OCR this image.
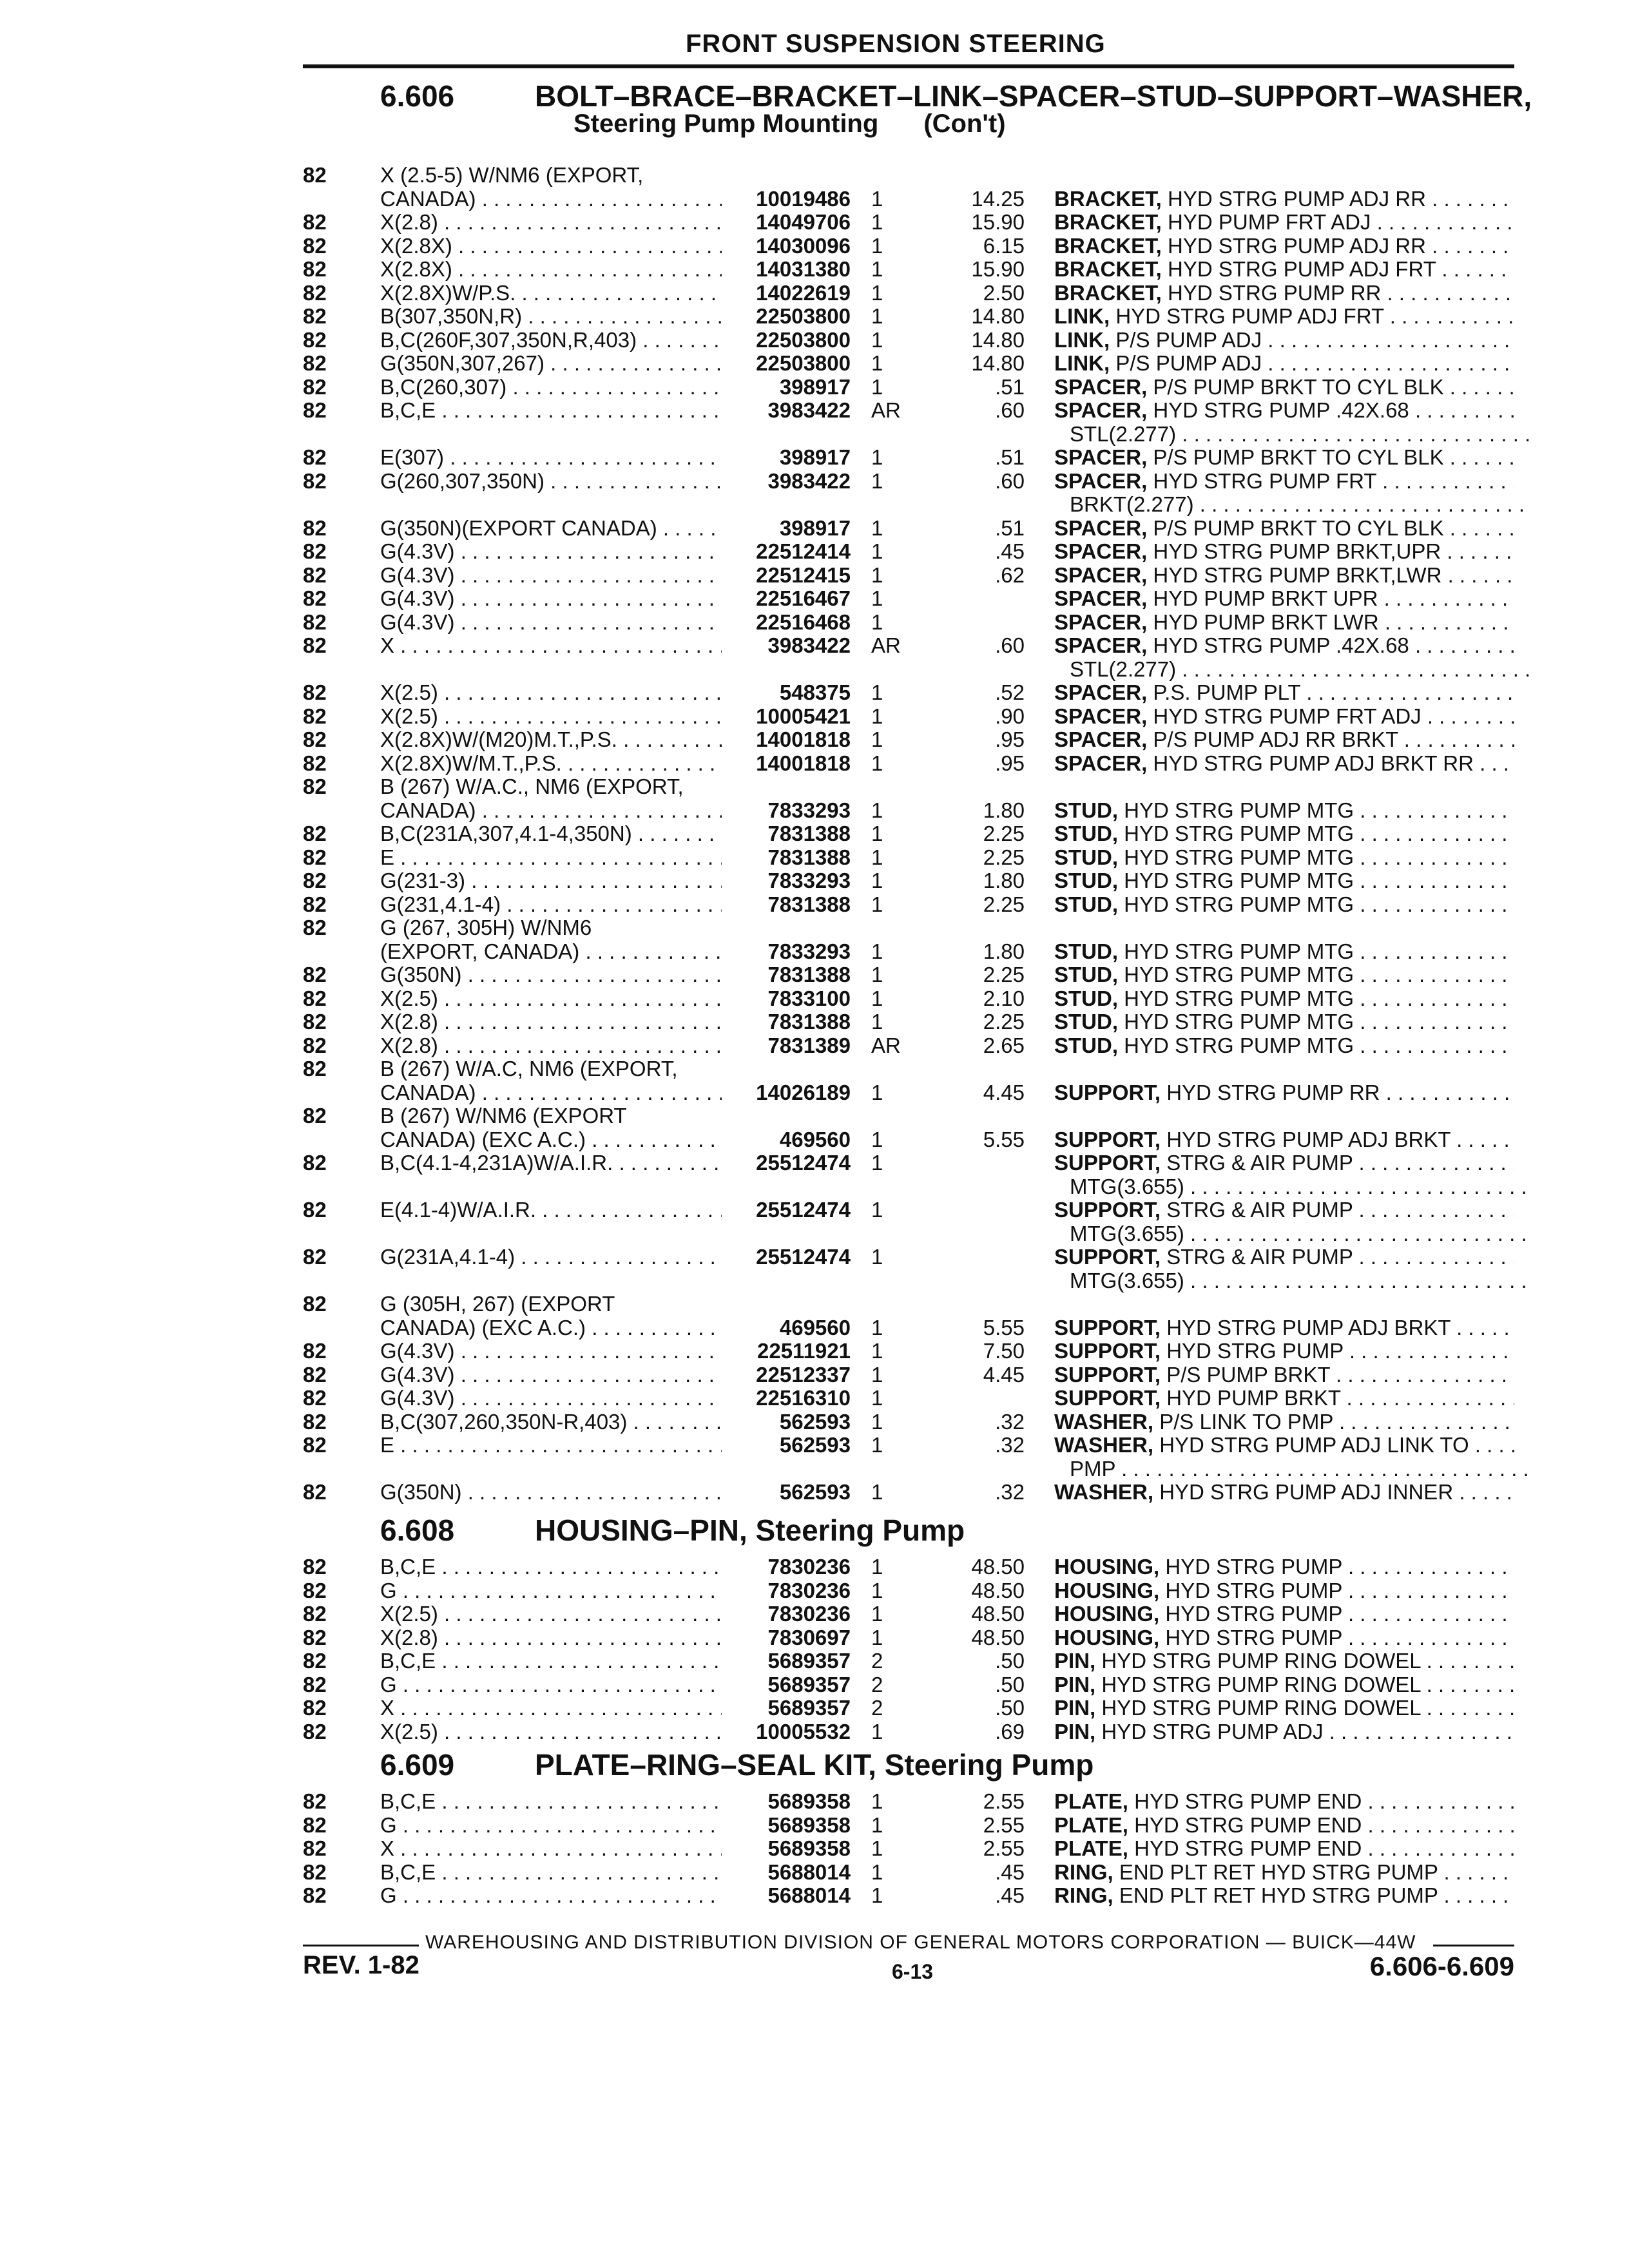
FRONT SUSPENSION STEERING
6.606	BOLT–BRACE–BRACKET–LINK–SPACER–STUD–SUPPORT–WASHER,
Steering Pump Mounting (Con't)
82	X (2.5-5) W/NM6 (EXPORT,
CANADA) . . .	10019486 1	14.25 BRACKET, HYD STRG PUMP ADJ RR . . .
82	X(2.8) . . .	14049706 1	15.90 BRACKET, HYD PUMP FRT ADJ . . .
82	X(2.8X) . . .	14030096 1	6.15 BRACKET, HYD STRG PUMP ADJ RR . . .
82	X(2.8X) . . .	14031380 1	15.90 BRACKET, HYD STRG PUMP ADJ FRT . . .
82	X(2.8X)W/P.S. . . .	14022619 1	2.50 BRACKET, HYD STRG PUMP RR . . .
82	B(307,350N,R) . . .	22503800 1	14.80 LINK, HYD STRG PUMP ADJ FRT . . .
82	B,C(260F,307,350N,R,403) . . .	22503800 1	14.80 LINK, P/S PUMP ADJ . . .
82	G(350N,307,267) . . .	22503800 1	14.80 LINK, P/S PUMP ADJ . . .
82	B,C(260,307) . . .	398917 1	.51 SPACER, P/S PUMP BRKT TO CYL BLK . . .
82	B,C,E . . .	3983422 AR	.60 SPACER, HYD STRG PUMP .42X.68 . . .
STL(2.277) . . .
82	E(307) . . .	398917 1	.51 SPACER, P/S PUMP BRKT TO CYL BLK . . .
82	G(260,307,350N) . . .	3983422 1	.60 SPACER, HYD STRG PUMP FRT . . .
BRKT(2.277) . . .
82	G(350N)(EXPORT CANADA) . . .	398917 1	.51 SPACER, P/S PUMP BRKT TO CYL BLK . . .
82	G(4.3V) . . .	22512414 1	.45 SPACER, HYD STRG PUMP BRKT,UPR . . .
82	G(4.3V) . . .	22512415 1	.62 SPACER, HYD STRG PUMP BRKT,LWR . . .
82	G(4.3V) . . .	22516467 1	SPACER, HYD PUMP BRKT UPR . . .
82	G(4.3V) . . .	22516468 1	SPACER, HYD PUMP BRKT LWR . . .
82	X . . .	3983422 AR	.60 SPACER, HYD STRG PUMP .42X.68 . . .
STL(2.277) . . .
82	X(2.5) . . .	548375 1	.52 SPACER, P.S. PUMP PLT . . .
82	X(2.5) . . .	10005421 1	.90 SPACER, HYD STRG PUMP FRT ADJ . . .
82	X(2.8X)W/(M20)M.T.,P.S. . . .	14001818 1	.95 SPACER, P/S PUMP ADJ RR BRKT . . .
82	X(2.8X)W/M.T.,P.S. . . .	14001818 1	.95 SPACER, HYD STRG PUMP ADJ BRKT RR . . .
82	B (267) W/A.C., NM6 (EXPORT,
CANADA) . . .	7833293 1	1.80 STUD, HYD STRG PUMP MTG . . .
82	B,C(231A,307,4.1-4,350N) . . .	7831388 1	2.25 STUD, HYD STRG PUMP MTG . . .
82	E . . .	7831388 1	2.25 STUD, HYD STRG PUMP MTG . . .
82	G(231-3) . . .	7833293 1	1.80 STUD, HYD STRG PUMP MTG . . .
82	G(231,4.1-4) . . .	7831388 1	2.25 STUD, HYD STRG PUMP MTG . . .
82	G (267, 305H) W/NM6
(EXPORT, CANADA) . . .	7833293 1	1.80 STUD, HYD STRG PUMP MTG . . .
82	G(350N) . . .	7831388 1	2.25 STUD, HYD STRG PUMP MTG . . .
82	X(2.5) . . .	7833100 1	2.10 STUD, HYD STRG PUMP MTG . . .
82	X(2.8) . . .	7831388 1	2.25 STUD, HYD STRG PUMP MTG . . .
82	X(2.8) . . .	7831389 AR	2.65 STUD, HYD STRG PUMP MTG . . .
82	B (267) W/A.C, NM6 (EXPORT,
CANADA) . . .	14026189 1	4.45 SUPPORT, HYD STRG PUMP RR . . .
82	B (267) W/NM6 (EXPORT
CANADA) (EXC A.C.) . . .	469560 1	5.55 SUPPORT, HYD STRG PUMP ADJ BRKT . . .
82	B,C(4.1-4,231A)W/A.I.R. . . .	25512474 1	SUPPORT, STRG & AIR PUMP . . .
MTG(3.655) . . .
82	E(4.1-4)W/A.I.R. . . .	25512474 1	SUPPORT, STRG & AIR PUMP . . .
MTG(3.655) . . .
82	G(231A,4.1-4) . . .	25512474 1	SUPPORT, STRG & AIR PUMP . . .
MTG(3.655) . . .
82	G (305H, 267) (EXPORT
CANADA) (EXC A.C.) . . .	469560 1	5.55 SUPPORT, HYD STRG PUMP ADJ BRKT . . .
82	G(4.3V) . . .	22511921 1	7.50 SUPPORT, HYD STRG PUMP . . .
82	G(4.3V) . . .	22512337 1	4.45 SUPPORT, P/S PUMP BRKT . . .
82	G(4.3V) . . .	22516310 1	SUPPORT, HYD PUMP BRKT . . .
82	B,C(307,260,350N-R,403) . . .	562593 1	.32 WASHER, P/S LINK TO PMP . . .
82	E . . .	562593 1	.32 WASHER, HYD STRG PUMP ADJ LINK TO . . .
PMP . . .
82	G(350N) . . .	562593 1	.32 WASHER, HYD STRG PUMP ADJ INNER . . .
6.608	HOUSING–PIN, Steering Pump
82	B,C,E . . .	7830236 1	48.50 HOUSING, HYD STRG PUMP . . .
82	G . . .	7830236 1	48.50 HOUSING, HYD STRG PUMP . . .
82	X(2.5) . . .	7830236 1	48.50 HOUSING, HYD STRG PUMP . . .
82	X(2.8) . . .	7830697 1	48.50 HOUSING, HYD STRG PUMP . . .
82	B,C,E . . .	5689357 2	.50 PIN, HYD STRG PUMP RING DOWEL . . .
82	G . . .	5689357 2	.50 PIN, HYD STRG PUMP RING DOWEL . . .
82	X . . .	5689357 2	.50 PIN, HYD STRG PUMP RING DOWEL . . .
82	X(2.5) . . .	10005532 1	.69 PIN, HYD STRG PUMP ADJ . . .
6.609	PLATE–RING–SEAL KIT, Steering Pump
82	B,C,E . . .	5689358 1	2.55 PLATE, HYD STRG PUMP END . . .
82	G . . .	5689358 1	2.55 PLATE, HYD STRG PUMP END . . .
82	X . . .	5689358 1	2.55 PLATE, HYD STRG PUMP END . . .
82	B,C,E . . .	5688014 1	.45 RING, END PLT RET HYD STRG PUMP . . .
82	G . . .	5688014 1	.45 RING, END PLT RET HYD STRG PUMP . . .
WAREHOUSING AND DISTRIBUTION DIVISION OF GENERAL MOTORS CORPORATION — BUICK—44W
REV. 1-82	6-13	6.606-6.609
